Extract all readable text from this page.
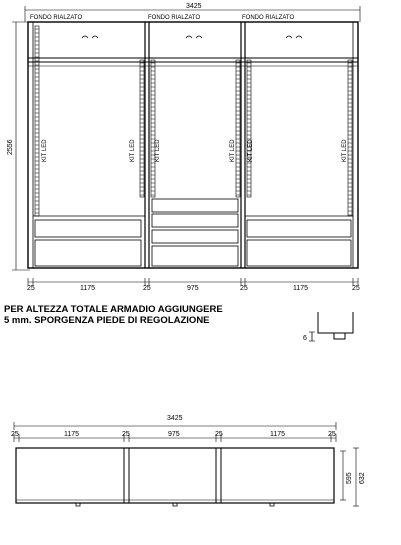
3425
2556
FONDO RIALZATO	FONDO RIALZATO	FONDO RIALZATO
KIT LED	KIT LED	KIT LED	KIT LED KIT LED	KIT LED
25	1175	25	975	25	1175	25
6
3425
25	1175	25	975	25	1175	25
595 632
PER ALTEZZA TOTALE ARMADIO AGGIUNGERE
5 mm. SPORGENZA PIEDE DI REGOLAZIONE
